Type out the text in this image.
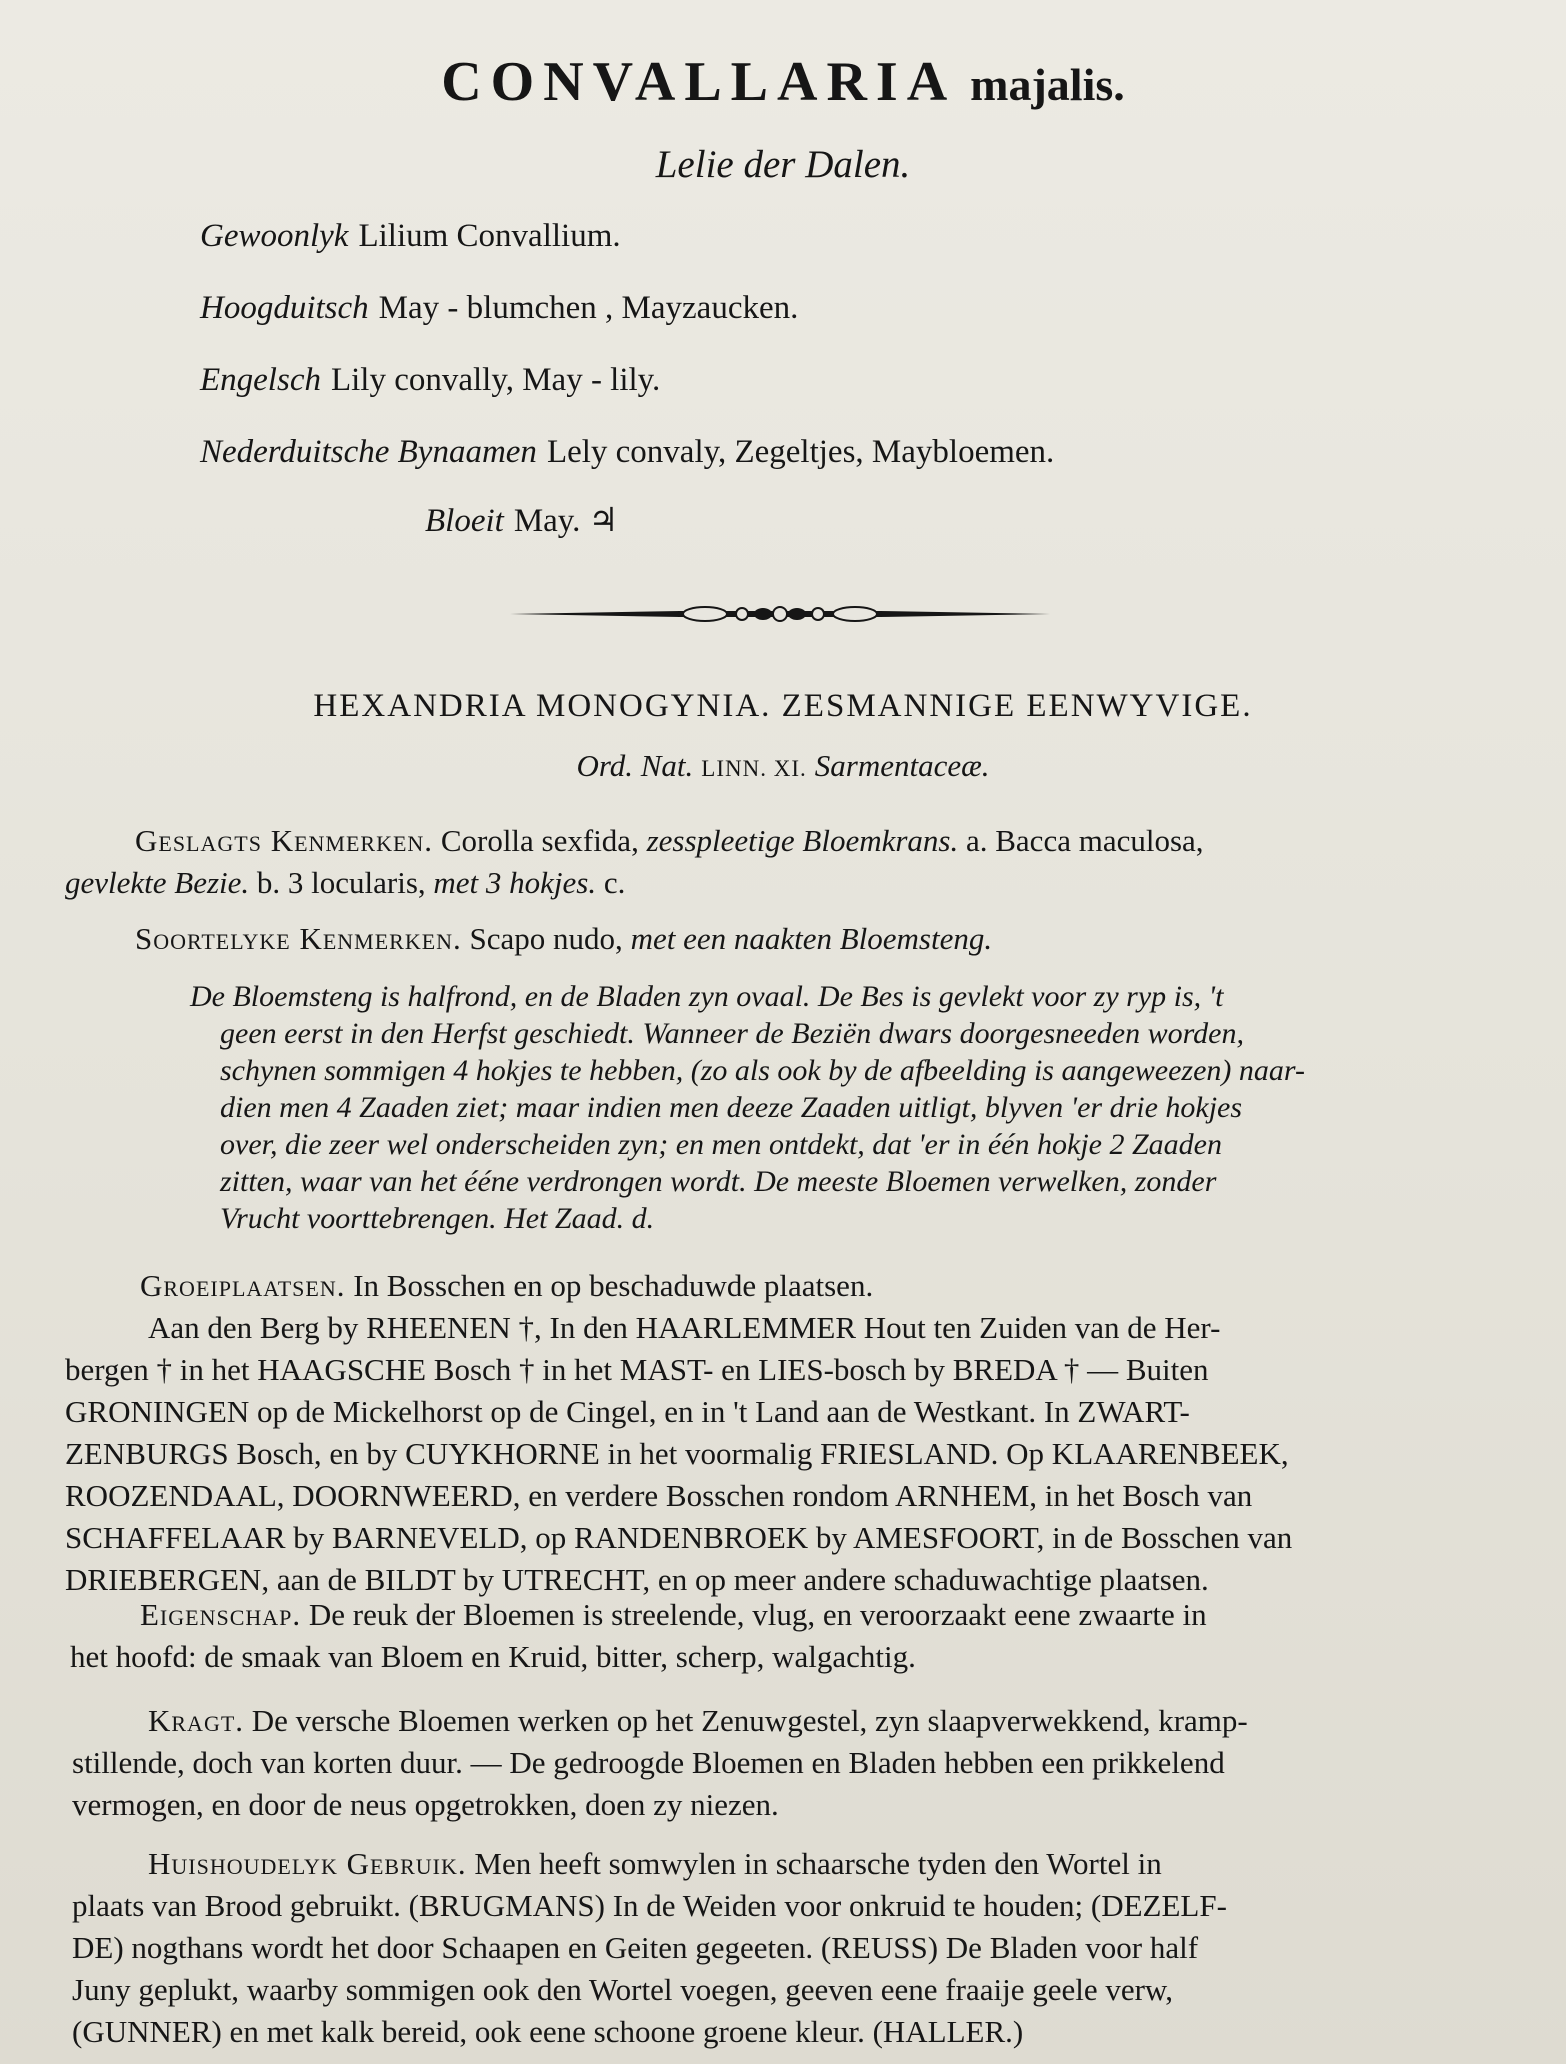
CONVALLARIA majalis.
Lelie der Dalen.
Gewoonlyk Lilium Convallium.
Hoogduitsch May - blumchen , Mayzaucken.
Engelsch Lily convally, May - lily.
Nederduitsche Bynaamen Lely convaly, Zegeltjes, Maybloemen.
Bloeit May. ♃
HEXANDRIA MONOGYNIA. ZESMANNIGE EENWYVIGE.
Ord. Nat. LINN. XI. Sarmentaceæ.
Geslagts Kenmerken. Corolla sexfida, zesspleetige Bloemkrans. a. Bacca maculosa,
gevlekte Bezie. b. 3 locularis, met 3 hokjes. c.
Soortelyke Kenmerken. Scapo nudo, met een naakten Bloemsteng.
De Bloemsteng is halfrond, en de Bladen zyn ovaal. De Bes is gevlekt voor zy ryp is, 't
geen eerst in den Herfst geschiedt. Wanneer de Beziën dwars doorgesneeden worden,
schynen sommigen 4 hokjes te hebben, (zo als ook by de afbeelding is aangeweezen) naar-
dien men 4 Zaaden ziet; maar indien men deeze Zaaden uitligt, blyven 'er drie hokjes
over, die zeer wel onderscheiden zyn; en men ontdekt, dat 'er in één hokje 2 Zaaden
zitten, waar van het ééne verdrongen wordt. De meeste Bloemen verwelken, zonder
Vrucht voorttebrengen. Het Zaad. d.
Groeiplaatsen. In Bosschen en op beschaduwde plaatsen.
Aan den Berg by RHEENEN †, In den HAARLEMMER Hout ten Zuiden van de Her-
bergen † in het HAAGSCHE Bosch † in het MAST- en LIES-bosch by BREDA † — Buiten
GRONINGEN op de Mickelhorst op de Cingel, en in 't Land aan de Westkant. In ZWART-
ZENBURGS Bosch, en by CUYKHORNE in het voormalig FRIESLAND. Op KLAARENBEEK,
ROOZENDAAL, DOORNWEERD, en verdere Bosschen rondom ARNHEM, in het Bosch van
SCHAFFELAAR by BARNEVELD, op RANDENBROEK by AMESFOORT, in de Bosschen van
DRIEBERGEN, aan de BILDT by UTRECHT, en op meer andere schaduwachtige plaatsen.
Eigenschap. De reuk der Bloemen is streelende, vlug, en veroorzaakt eene zwaarte in
het hoofd: de smaak van Bloem en Kruid, bitter, scherp, walgachtig.
Kragt. De versche Bloemen werken op het Zenuwgestel, zyn slaapverwekkend, kramp-
stillende, doch van korten duur. — De gedroogde Bloemen en Bladen hebben een prikkelend
vermogen, en door de neus opgetrokken, doen zy niezen.
Huishoudelyk Gebruik. Men heeft somwylen in schaarsche tyden den Wortel in
plaats van Brood gebruikt. (BRUGMANS) In de Weiden voor onkruid te houden; (DEZELF-
DE) nogthans wordt het door Schaapen en Geiten gegeeten. (REUSS) De Bladen voor half
Juny geplukt, waarby sommigen ook den Wortel voegen, geeven eene fraaije geele verw,
(GUNNER) en met kalk bereid, ook eene schoone groene kleur. (HALLER.)
